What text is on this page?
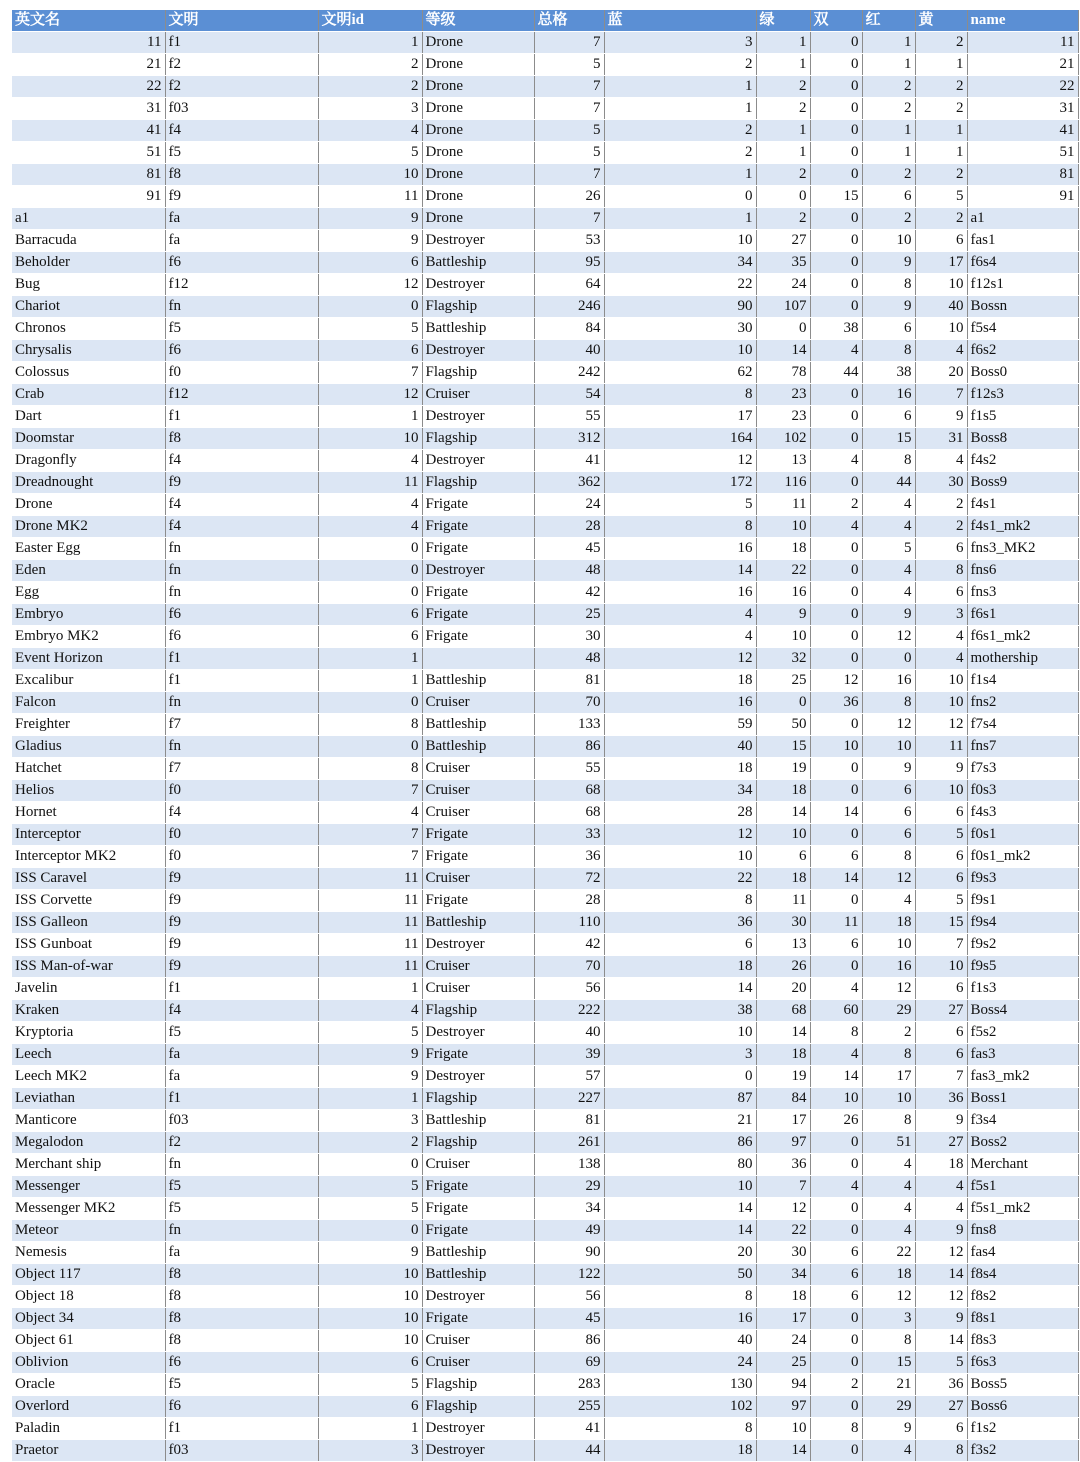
英文名	文明	文明id	等级	总格	蓝	绿	双	红	黄	name
11	f1	1	Drone	7	3	1	0	1	2	11
21	f2	2	Drone	5	2	1	0	1	1	21
22	f2	2	Drone	7	1	2	0	2	2	22
31	f03	3	Drone	7	1	2	0	2	2	31
41	f4	4	Drone	5	2	1	0	1	1	41
51	f5	5	Drone	5	2	1	0	1	1	51
81	f8	10	Drone	7	1	2	0	2	2	81
91	f9	11	Drone	26	0	0	15	6	5	91
a1	fa	9	Drone	7	1	2	0	2	2	a1
Barracuda	fa	9	Destroyer	53	10	27	0	10	6	fas1
Beholder	f6	6	Battleship	95	34	35	0	9	17	f6s4
Bug	f12	12	Destroyer	64	22	24	0	8	10	f12s1
Chariot	fn	0	Flagship	246	90	107	0	9	40	Bossn
Chronos	f5	5	Battleship	84	30	0	38	6	10	f5s4
Chrysalis	f6	6	Destroyer	40	10	14	4	8	4	f6s2
Colossus	f0	7	Flagship	242	62	78	44	38	20	Boss0
Crab	f12	12	Cruiser	54	8	23	0	16	7	f12s3
Dart	f1	1	Destroyer	55	17	23	0	6	9	f1s5
Doomstar	f8	10	Flagship	312	164	102	0	15	31	Boss8
Dragonfly	f4	4	Destroyer	41	12	13	4	8	4	f4s2
Dreadnought	f9	11	Flagship	362	172	116	0	44	30	Boss9
Drone	f4	4	Frigate	24	5	11	2	4	2	f4s1
Drone MK2	f4	4	Frigate	28	8	10	4	4	2	f4s1_mk2
Easter Egg	fn	0	Frigate	45	16	18	0	5	6	fns3_MK2
Eden	fn	0	Destroyer	48	14	22	0	4	8	fns6
Egg	fn	0	Frigate	42	16	16	0	4	6	fns3
Embryo	f6	6	Frigate	25	4	9	0	9	3	f6s1
Embryo MK2	f6	6	Frigate	30	4	10	0	12	4	f6s1_mk2
Event Horizon	f1	1		48	12	32	0	0	4	mothership
Excalibur	f1	1	Battleship	81	18	25	12	16	10	f1s4
Falcon	fn	0	Cruiser	70	16	0	36	8	10	fns2
Freighter	f7	8	Battleship	133	59	50	0	12	12	f7s4
Gladius	fn	0	Battleship	86	40	15	10	10	11	fns7
Hatchet	f7	8	Cruiser	55	18	19	0	9	9	f7s3
Helios	f0	7	Cruiser	68	34	18	0	6	10	f0s3
Hornet	f4	4	Cruiser	68	28	14	14	6	6	f4s3
Interceptor	f0	7	Frigate	33	12	10	0	6	5	f0s1
Interceptor MK2	f0	7	Frigate	36	10	6	6	8	6	f0s1_mk2
ISS Caravel	f9	11	Cruiser	72	22	18	14	12	6	f9s3
ISS Corvette	f9	11	Frigate	28	8	11	0	4	5	f9s1
ISS Galleon	f9	11	Battleship	110	36	30	11	18	15	f9s4
ISS Gunboat	f9	11	Destroyer	42	6	13	6	10	7	f9s2
ISS Man-of-war	f9	11	Cruiser	70	18	26	0	16	10	f9s5
Javelin	f1	1	Cruiser	56	14	20	4	12	6	f1s3
Kraken	f4	4	Flagship	222	38	68	60	29	27	Boss4
Kryptoria	f5	5	Destroyer	40	10	14	8	2	6	f5s2
Leech	fa	9	Frigate	39	3	18	4	8	6	fas3
Leech MK2	fa	9	Destroyer	57	0	19	14	17	7	fas3_mk2
Leviathan	f1	1	Flagship	227	87	84	10	10	36	Boss1
Manticore	f03	3	Battleship	81	21	17	26	8	9	f3s4
Megalodon	f2	2	Flagship	261	86	97	0	51	27	Boss2
Merchant ship	fn	0	Cruiser	138	80	36	0	4	18	Merchant
Messenger	f5	5	Frigate	29	10	7	4	4	4	f5s1
Messenger MK2	f5	5	Frigate	34	14	12	0	4	4	f5s1_mk2
Meteor	fn	0	Frigate	49	14	22	0	4	9	fns8
Nemesis	fa	9	Battleship	90	20	30	6	22	12	fas4
Object 117	f8	10	Battleship	122	50	34	6	18	14	f8s4
Object 18	f8	10	Destroyer	56	8	18	6	12	12	f8s2
Object 34	f8	10	Frigate	45	16	17	0	3	9	f8s1
Object 61	f8	10	Cruiser	86	40	24	0	8	14	f8s3
Oblivion	f6	6	Cruiser	69	24	25	0	15	5	f6s3
Oracle	f5	5	Flagship	283	130	94	2	21	36	Boss5
Overlord	f6	6	Flagship	255	102	97	0	29	27	Boss6
Paladin	f1	1	Destroyer	41	8	10	8	9	6	f1s2
Praetor	f03	3	Destroyer	44	18	14	0	4	8	f3s2
